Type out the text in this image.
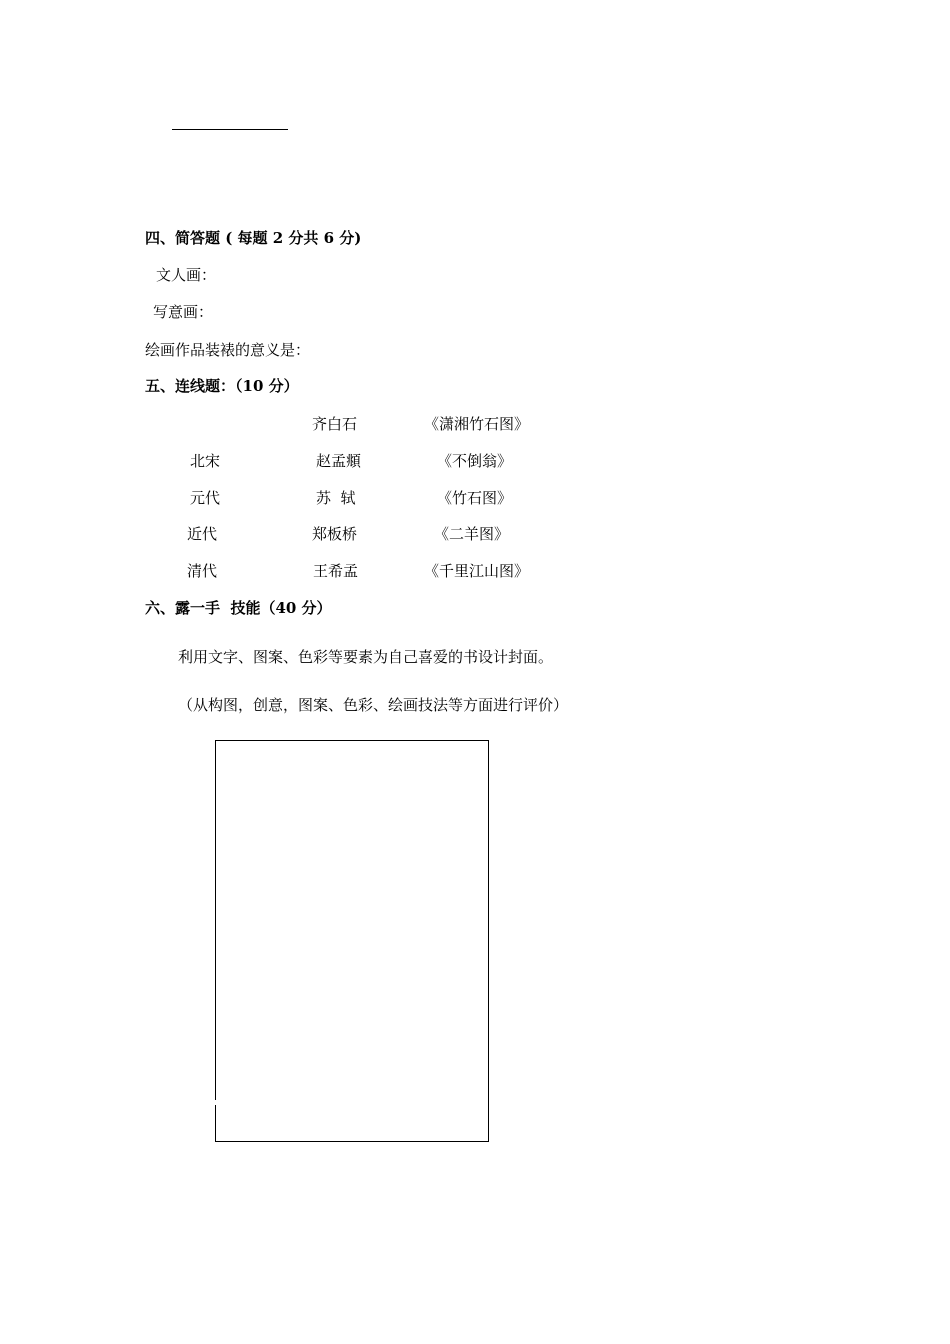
四、简答题 ( 每题 2 分共 6 分)
文人画：
写意画：
绘画作品装裱的意义是：
五、连线题：（10 分）
北宋
元代
近代
清代
齐白石
赵孟頫
苏  轼
郑板桥
王希孟
《潇湘竹石图》
《不倒翁》
《竹石图》
《二羊图》
《千里江山图》
六、露一手  技能（40 分）
利用文字、图案、色彩等要素为自己喜爱的书设计封面。
（从构图，创意，图案、色彩、绘画技法等方面进行评价）
